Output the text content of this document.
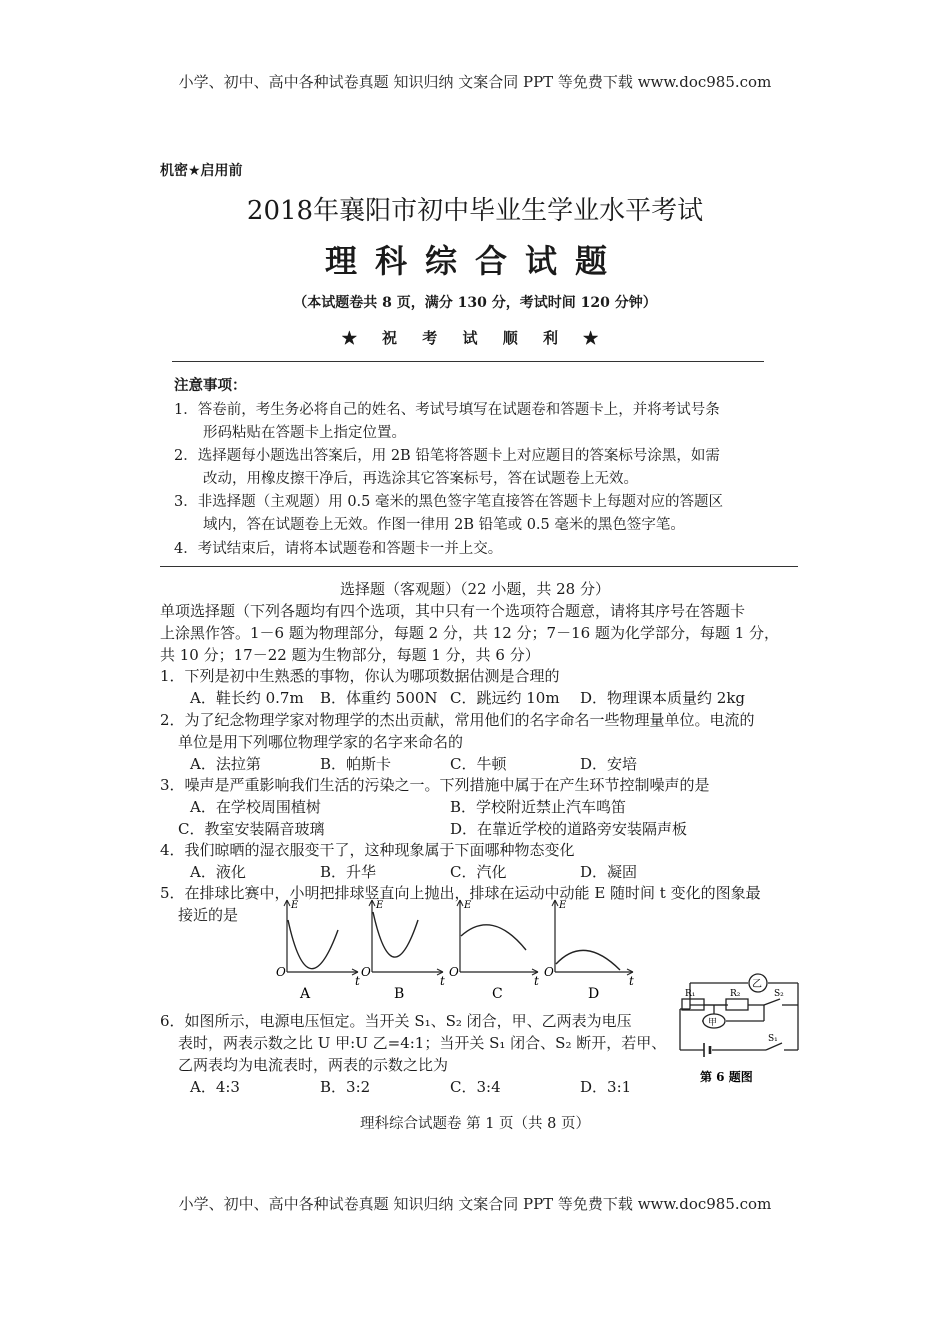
小学、初中、高中各种试卷真题 知识归纳 文案合同 PPT 等免费下载 www.doc985.com
机密★启用前
2018年襄阳市初中毕业生学业水平考试
理科综合试题
（本试题卷共 8 页，满分 130 分，考试时间 120 分钟）
★ 祝 考 试 顺 利 ★
注意事项：
1．答卷前，考生务必将自己的姓名、考试号填写在试题卷和答题卡上，并将考试号条
形码粘贴在答题卡上指定位置。
2．选择题每小题选出答案后，用 2B 铅笔将答题卡上对应题目的答案标号涂黑，如需
改动，用橡皮擦干净后，再选涂其它答案标号，答在试题卷上无效。
3．非选择题（主观题）用 0.5 毫米的黑色签字笔直接答在答题卡上每题对应的答题区
域内，答在试题卷上无效。作图一律用 2B 铅笔或 0.5 毫米的黑色签字笔。
4．考试结束后，请将本试题卷和答题卡一并上交。
选择题（客观题）（22 小题，共 28 分）
单项选择题（下列各题均有四个选项，其中只有一个选项符合题意，请将其序号在答题卡
上涂黑作答。1－6 题为物理部分，每题 2 分，共 12 分；7－16 题为化学部分，每题 1 分，
共 10 分；17－22 题为生物部分，每题 1 分，共 6 分）
1．下列是初中生熟悉的事物，你认为哪项数据估测是合理的
A．鞋长约 0.7m B．体重约 500N C．跳远约 10m D．物理课本质量约 2kg
2．为了纪念物理学家对物理学的杰出贡献，常用他们的名字命名一些物理量单位。电流的
单位是用下列哪位物理学家的名字来命名的
A．法拉第	B．帕斯卡	C．牛顿	D．安培
3．噪声是严重影响我们生活的污染之一。下列措施中属于在产生环节控制噪声的是
A．在学校周围植树	B．学校附近禁止汽车鸣笛
C．教室安装隔音玻璃	D．在靠近学校的道路旁安装隔声板
4．我们晾晒的湿衣服变干了，这种现象属于下面哪种物态变化
A．液化	B．升华	C．汽化	D．凝固
5．在排球比赛中，小明把排球竖直向上抛出，排球在运动中动能 E 随时间 t 变化的图象最
接近的是
E
O
t
A
E
O
t
B
E
O
t
C
E
O
t
D
6．如图所示，电源电压恒定。当开关 S₁、S₂ 闭合，甲、乙两表为电压
表时，两表示数之比 U 甲:U 乙=4:1；当开关 S₁ 闭合、S₂ 断开，若甲、
乙两表均为电流表时，两表的示数之比为
A．4:3	B．3:2	C．3:4	D．3:1
乙
甲
R₁	R₂	S₂
S₁
第 6 题图
理科综合试题卷 第 1 页（共 8 页）
小学、初中、高中各种试卷真题 知识归纳 文案合同 PPT 等免费下载 www.doc985.com
